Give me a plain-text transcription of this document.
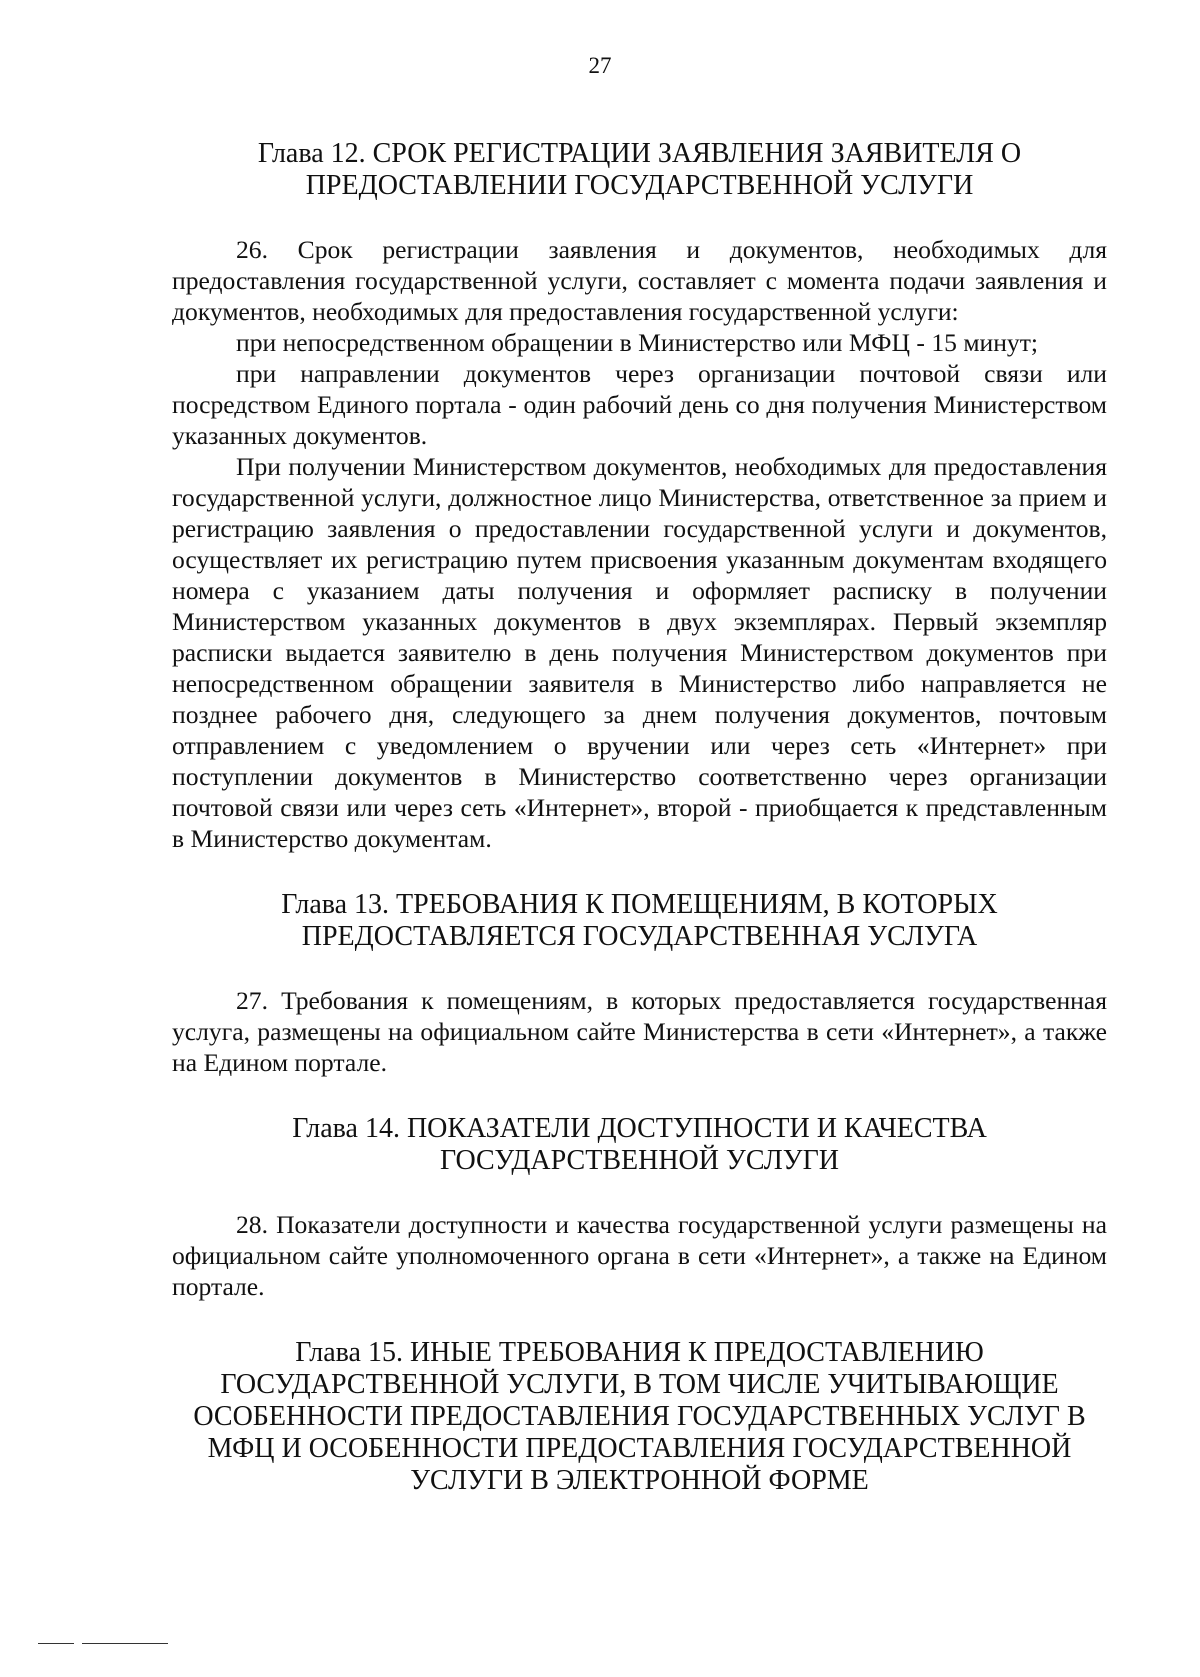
27
Глава 12. СРОК РЕГИСТРАЦИИ ЗАЯВЛЕНИЯ ЗАЯВИТЕЛЯ О
ПРЕДОСТАВЛЕНИИ ГОСУДАРСТВЕННОЙ УСЛУГИ

26. Срок регистрации заявления и документов, необходимых для предоставления государственной услуги, составляет с момента подачи заявления и документов, необходимых для предоставления государственной услуги:

при непосредственном обращении в Министерство или МФЦ - 15 минут;

при направлении документов через организации почтовой связи или посредством Единого портала - один рабочий день со дня получения Министерством указанных документов.

При получении Министерством документов, необходимых для предоставления государственной услуги, должностное лицо Министерства, ответственное за прием и регистрацию заявления о предоставлении государственной услуги и документов, осуществляет их регистрацию путем присвоения указанным документам входящего номера с указанием даты получения и оформляет расписку в получении Министерством указанных документов в двух экземплярах. Первый экземпляр расписки выдается заявителю в день получения Министерством документов при непосредственном обращении заявителя в Министерство либо направляется не позднее рабочего дня, следующего за днем получения документов, почтовым отправлением с уведомлением о вручении или через сеть «Интернет» при поступлении документов в Министерство соответственно через организации почтовой связи или через сеть «Интернет», второй - приобщается к представленным в Министерство документам.

Глава 13. ТРЕБОВАНИЯ К ПОМЕЩЕНИЯМ, В КОТОРЫХ
ПРЕДОСТАВЛЯЕТСЯ ГОСУДАРСТВЕННАЯ УСЛУГА

27. Требования к помещениям, в которых предоставляется государственная услуга, размещены на официальном сайте Министерства в сети «Интернет», а также на Едином портале.

Глава 14. ПОКАЗАТЕЛИ ДОСТУПНОСТИ И КАЧЕСТВА
ГОСУДАРСТВЕННОЙ УСЛУГИ

28. Показатели доступности и качества государственной услуги размещены на официальном сайте уполномоченного органа в сети «Интернет», а также на Едином портале.

Глава 15. ИНЫЕ ТРЕБОВАНИЯ К ПРЕДОСТАВЛЕНИЮ
ГОСУДАРСТВЕННОЙ УСЛУГИ, В ТОМ ЧИСЛЕ УЧИТЫВАЮЩИЕ
ОСОБЕННОСТИ ПРЕДОСТАВЛЕНИЯ ГОСУДАРСТВЕННЫХ УСЛУГ В
МФЦ И ОСОБЕННОСТИ ПРЕДОСТАВЛЕНИЯ ГОСУДАРСТВЕННОЙ
УСЛУГИ В ЭЛЕКТРОННОЙ ФОРМЕ
